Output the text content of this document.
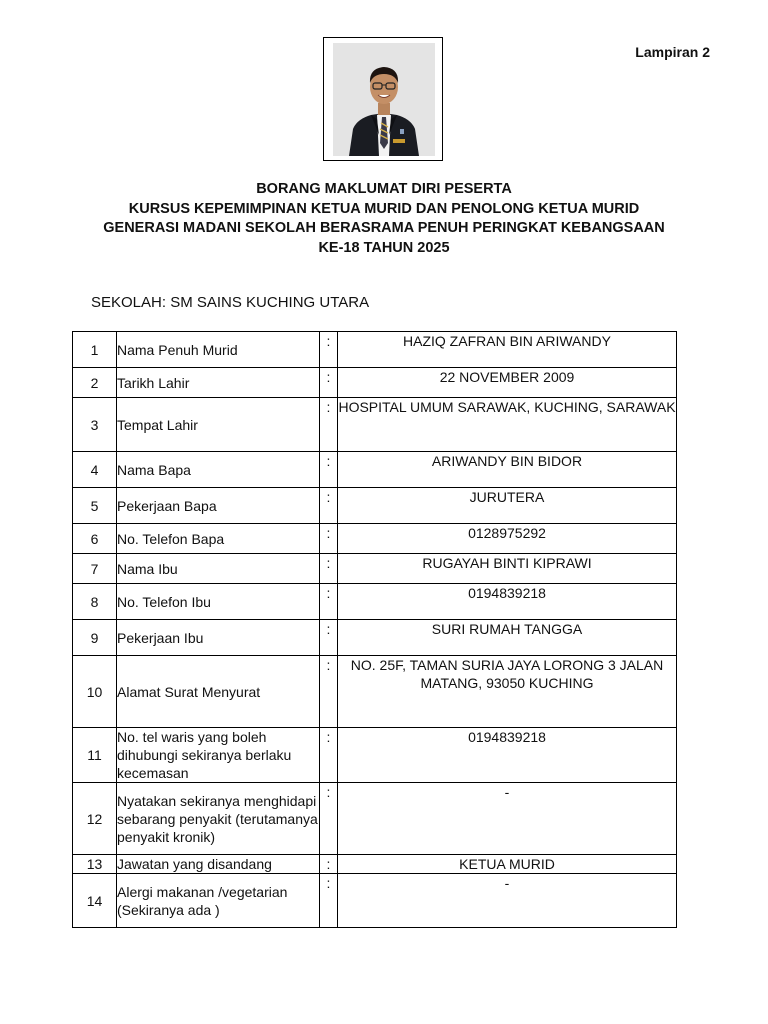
Lampiran 2
BORANG MAKLUMAT DIRI PESERTA
KURSUS KEPEMIMPINAN KETUA MURID DAN PENOLONG KETUA MURID
GENERASI MADANI SEKOLAH BERASRAMA PENUH PERINGKAT KEBANGSAAN
KE-18 TAHUN 2025
SEKOLAH: SM SAINS KUCHING UTARA
1	Nama Penuh Murid	:	HAZIQ ZAFRAN BIN ARIWANDY
2	Tarikh Lahir	:	22 NOVEMBER 2009
3	Tempat Lahir	:	HOSPITAL UMUM SARAWAK, KUCHING, SARAWAK
4	Nama Bapa	:	ARIWANDY BIN BIDOR
5	Pekerjaan Bapa	:	JURUTERA
6	No. Telefon Bapa	:	0128975292
7	Nama Ibu	:	RUGAYAH BINTI KIPRAWI
8	No. Telefon Ibu	:	0194839218
9	Pekerjaan Ibu	:	SURI RUMAH TANGGA
10	Alamat Surat Menyurat	:	NO. 25F, TAMAN SURIA JAYA LORONG 3 JALAN MATANG, 93050 KUCHING
11	No. tel waris yang boleh dihubungi sekiranya berlaku kecemasan	:	0194839218
12	Nyatakan sekiranya menghidapi sebarang penyakit (terutamanya penyakit kronik)	:	-
13	Jawatan yang disandang	:	KETUA MURID
14	Alergi makanan /vegetarian (Sekiranya ada )	:	-
